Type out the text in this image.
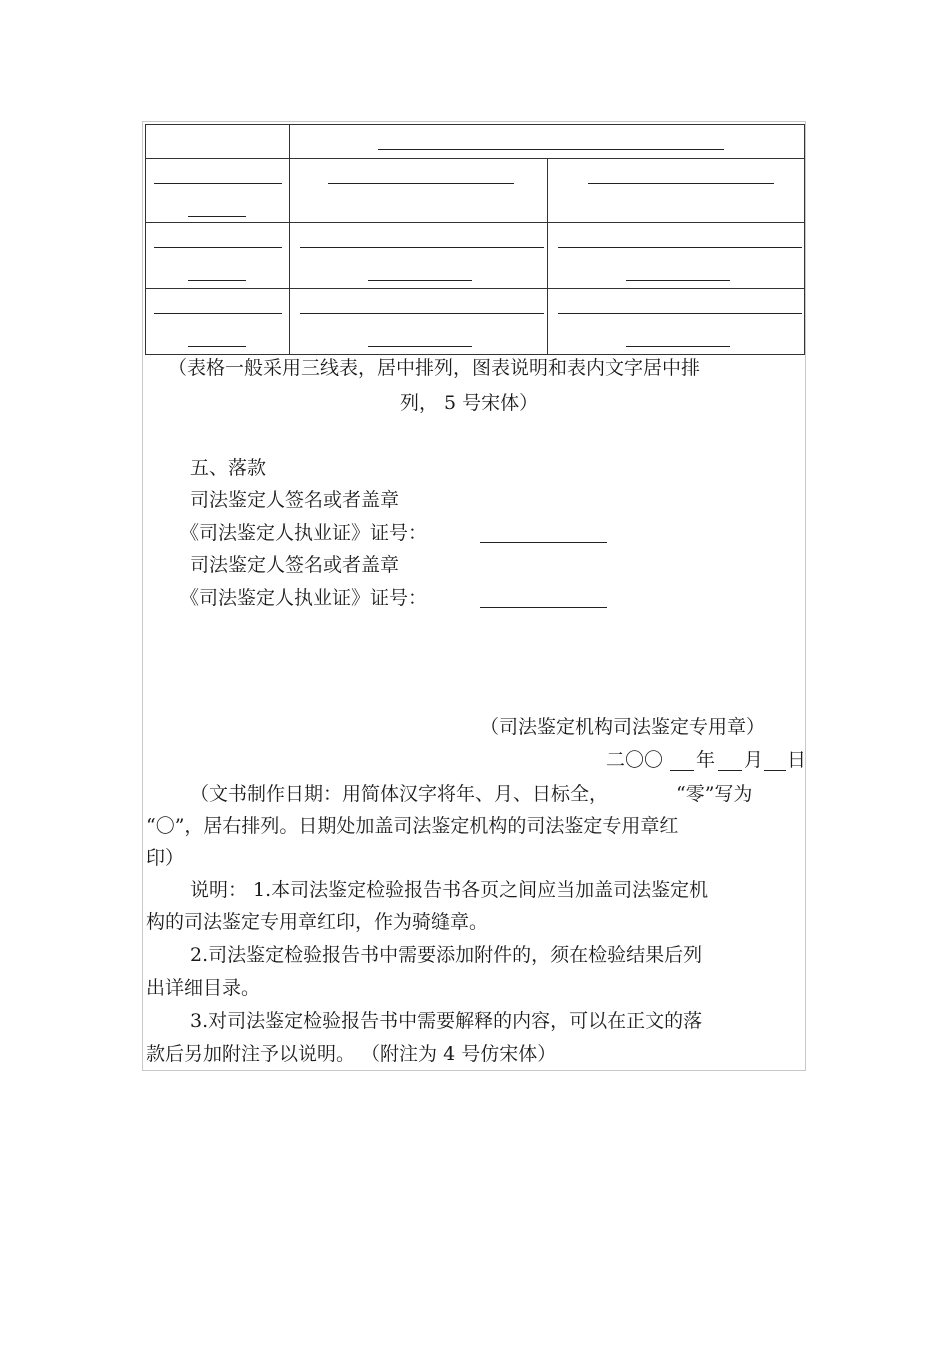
（表格一般采用三线表，居中排列，图表说明和表内文字居中排
列， 5 号宋体）
五、落款
司法鉴定人签名或者盖章
《司法鉴定人执业证》证号：
司法鉴定人签名或者盖章
《司法鉴定人执业证》证号：
（司法鉴定机构司法鉴定专用章）
二〇〇 年 月 日
（文书制作日期：用简体汉字将年、月、日标全，	“零”写为
“〇”，居右排列。日期处加盖司法鉴定机构的司法鉴定专用章红
印）
说明： 1.本司法鉴定检验报告书各页之间应当加盖司法鉴定机
构的司法鉴定专用章红印，作为骑缝章。
2.司法鉴定检验报告书中需要添加附件的，须在检验结果后列
出详细目录。
3.对司法鉴定检验报告书中需要解释的内容，可以在正文的落
款后另加附注予以说明。 （附注为 4 号仿宋体）
